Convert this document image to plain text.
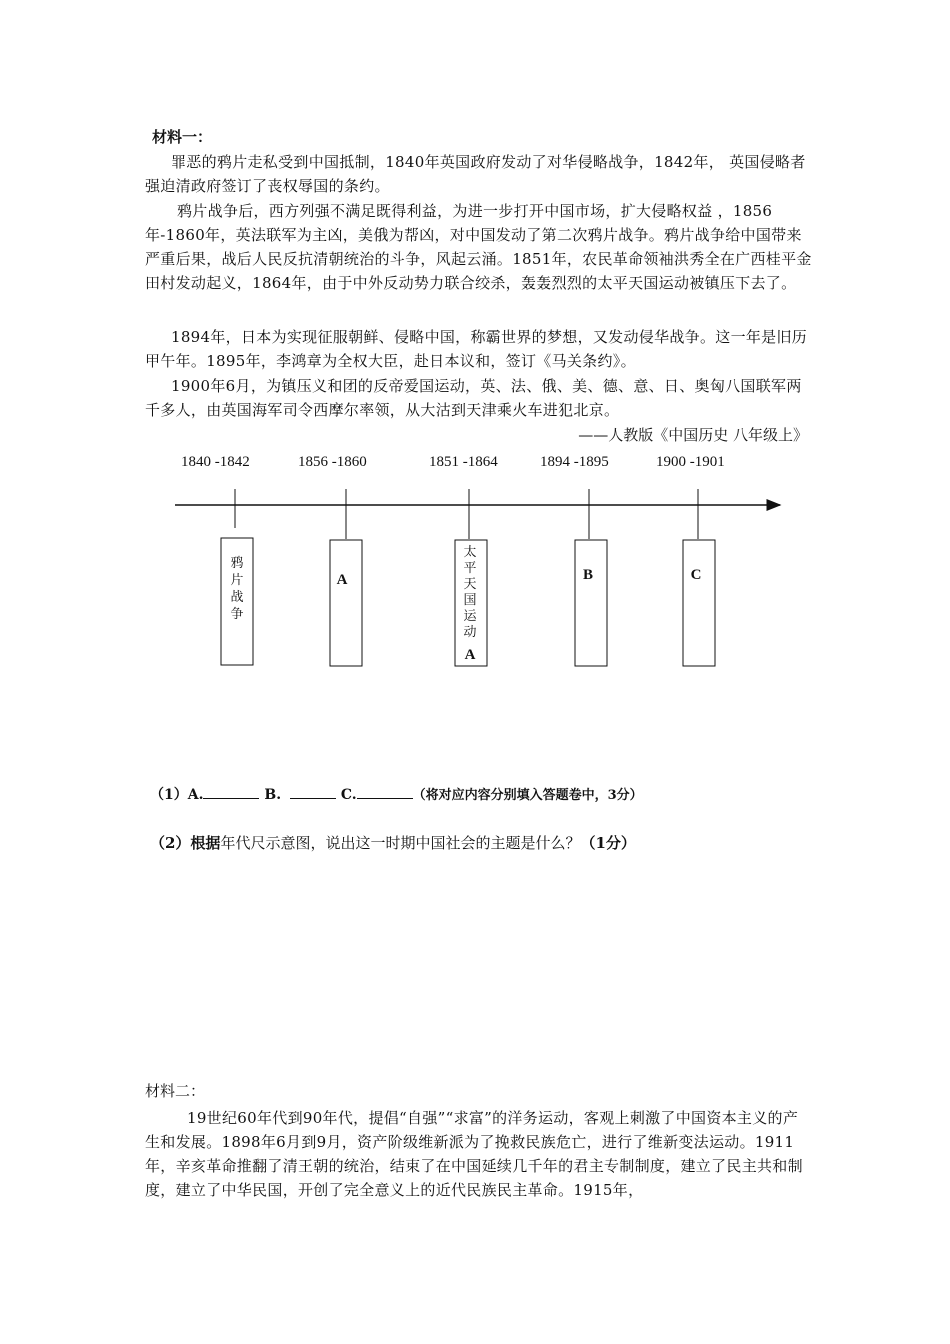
材料一：

罪恶的鸦片走私受到中国抵制，1840年英国政府发动了对华侵略战争，1842年， 英国侵略者强迫清政府签订了丧权辱国的条约。

鸦片战争后，西方列强不满足既得利益，为进一步打开中国市场，扩大侵略权益 ，1856年-1860年，英法联军为主凶，美俄为帮凶，对中国发动了第二次鸦片战争。鸦片战争给中国带来严重后果，战后人民反抗清朝统治的斗争，风起云涌。1851年，农民革命领袖洪秀全在广西桂平金田村发动起义，1864年，由于中外反动势力联合绞杀，轰轰烈烈的太平天国运动被镇压下去了。

1894年，日本为实现征服朝鲜、侵略中国，称霸世界的梦想，又发动侵华战争。这一年是旧历甲午年。1895年，李鸿章为全权大臣，赴日本议和，签订《马关条约》。

1900年6月，为镇压义和团的反帝爱国运动，英、法、俄、美、德、意、日、奥匈八国联军两千多人，由英国海军司令西摩尔率领，从大沽到天津乘火车进犯北京。

——人教版《中国历史 八年级上》
1840 -1842	1856 -1860	1851 -1864	1894 -1895	1900 -1901
鸦
片
战
争
A
太
平
天
国
运
动
A
B	C
（1）A.	B.	C.	（将对应内容分别填入答题卷中，3分）
（2）根据年代尺示意图，说出这一时期中国社会的主题是什么？（1分）
材料二：

19世纪60年代到90年代，提倡“自强”“求富”的洋务运动，客观上刺激了中国资本主义的产生和发展。1898年6月到9月，资产阶级维新派为了挽救民族危亡，进行了维新变法运动。1911年，辛亥革命推翻了清王朝的统治，结束了在中国延续几千年的君主专制制度，建立了民主共和制度，建立了中华民国，开创了完全意义上的近代民族民主革命。1915年，
